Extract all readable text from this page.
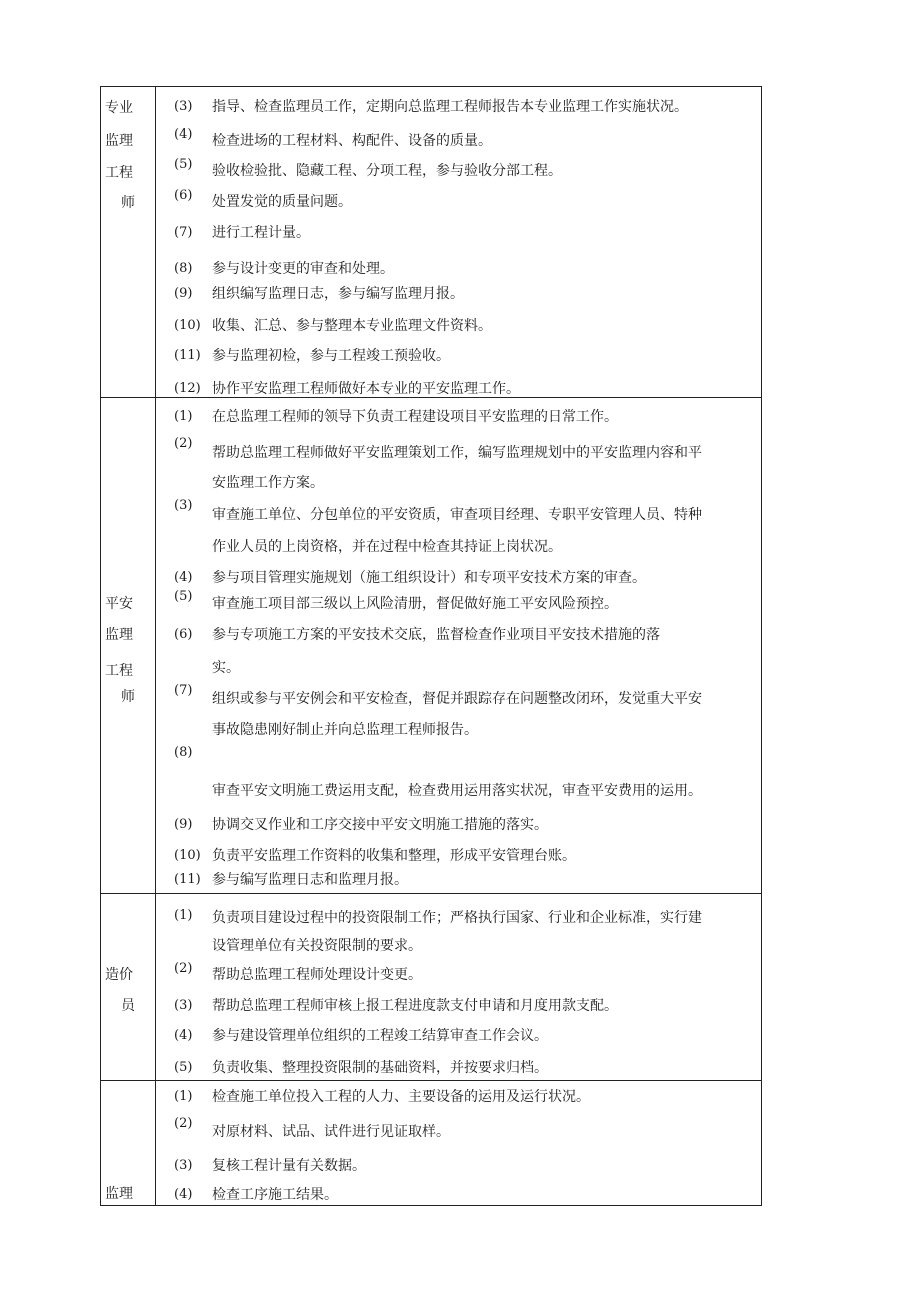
专业
监理
工程
师
(3) 指导、检查监理员工作，定期向总监理工程师报告本专业监理工作实施状况。
(4) 检查进场的工程材料、构配件、设备的质量。
(5) 验收检验批、隐藏工程、分项工程，参与验收分部工程。
(6) 处置发觉的质量问题。
(7) 进行工程计量。
(8) 参与设计变更的审查和处理。
(9) 组织编写监理日志，参与编写监理月报。
(10) 收集、汇总、参与整理本专业监理文件资料。
(11) 参与监理初检，参与工程竣工预验收。
(12) 协作平安监理工程师做好本专业的平安监理工作。
平安
监理
工程
师
(1) 在总监理工程师的领导下负责工程建设项目平安监理的日常工作。
(2)
帮助总监理工程师做好平安监理策划工作，编写监理规划中的平安监理内容和平
安监理工作方案。
(3)
审查施工单位、分包单位的平安资质，审查项目经理、专职平安管理人员、特种
作业人员的上岗资格，并在过程中检查其持证上岗状况。
(4) 参与项目管理实施规划（施工组织设计）和专项平安技术方案的审查。
(5) 审查施工项目部三级以上风险清册，督促做好施工平安风险预控。
(6) 参与专项施工方案的平安技术交底，监督检查作业项目平安技术措施的落
实。
(7)
组织或参与平安例会和平安检查，督促并跟踪存在问题整改闭环，发觉重大平安
事故隐患刚好制止并向总监理工程师报告。
(8)
审查平安文明施工费运用支配，检查费用运用落实状况，审查平安费用的运用。
(9) 协调交叉作业和工序交接中平安文明施工措施的落实。
(10) 负责平安监理工作资料的收集和整理，形成平安管理台账。
(11) 参与编写监理日志和监理月报。
造价
员
(1) 负责项目建设过程中的投资限制工作；严格执行国家、行业和企业标准，实行建
设管理单位有关投资限制的要求。
(2) 帮助总监理工程师处理设计变更。
(3) 帮助总监理工程师审核上报工程进度款支付申请和月度用款支配。
(4) 参与建设管理单位组织的工程竣工结算审查工作会议。
(5) 负责收集、整理投资限制的基础资料，并按要求归档。
监理
(1) 检查施工单位投入工程的人力、主要设备的运用及运行状况。
(2)
对原材料、试品、试件进行见证取样。
(3) 复核工程计量有关数据。
(4) 检查工序施工结果。
